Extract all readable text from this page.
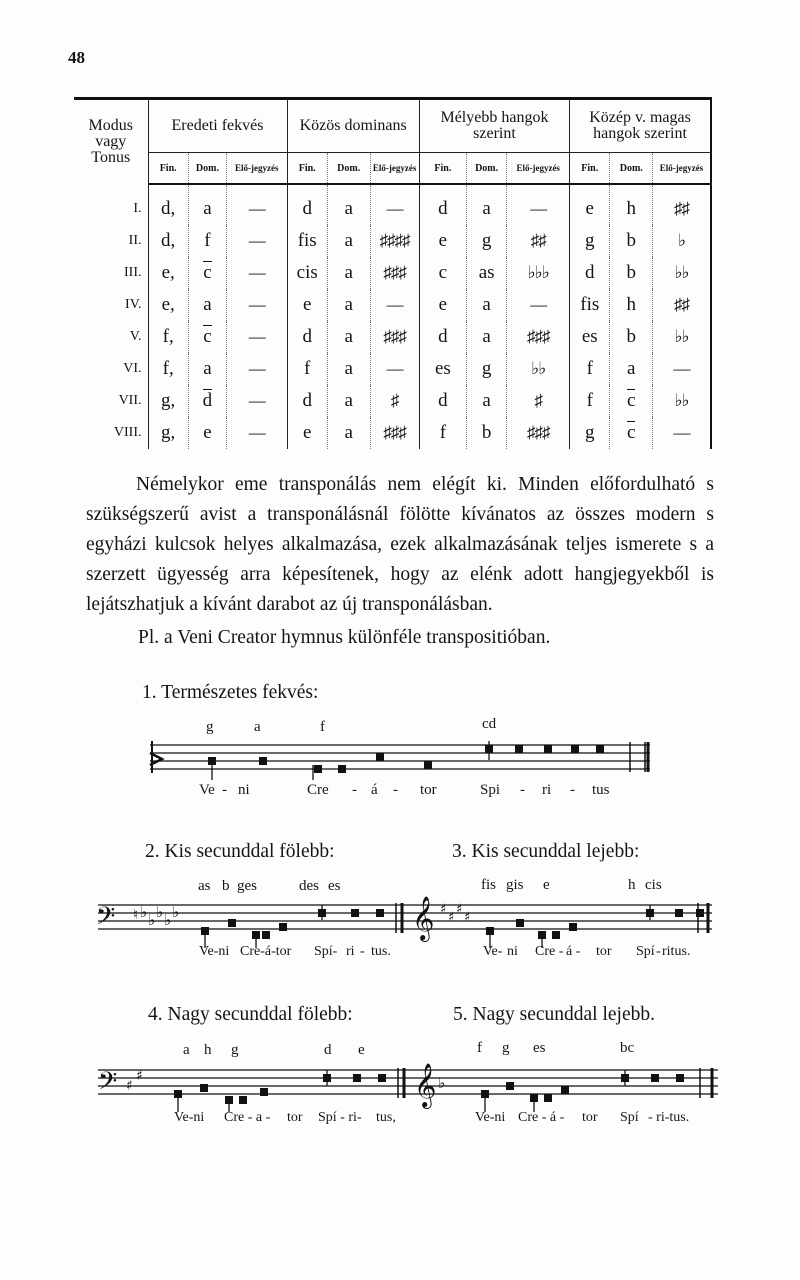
48
Modus
vagy
Tonus	Eredeti fekvés			Közös dominans			Mélyebb hangok szerint			Közép v. magas hangok szerint		
	Fin.	Dom.	Elő-jegyzés	Fin.	Dom.	Elő-jegyzés	Fin.	Dom.	Elő-jegyzés	Fin.	Dom.	Elő-jegyzés
I.	d,	a	—	d	a	—	d	a	—	e	h	♯♯
II.	d,	f	—	fis	a	♯♯♯♯	e	g	♯♯	g	b	♭
III.	e,	c	—	cis	a	♯♯♯	c	as	♭♭♭	d	b	♭♭
IV.	e,	a	—	e	a	—	e	a	—	fis	h	♯♯
V.	f,	c	—	d	a	♯♯♯	d	a	♯♯♯	es	b	♭♭
VI.	f,	a	—	f	a	—	es	g	♭♭	f	a	—
VII.	g,	d	—	d	a	♯	d	a	♯	f	c	♭♭
VIII.	g,	e	—	e	a	♯♯♯	f	b	♯♯♯	g	c	—
Némelykor eme transponálás nem elégít ki. Minden előfordulható s szükségszerű avist a transponálásnál fölötte kívánatos az összes modern s egyházi kulcsok helyes alkalmazása, ezek alkalmazásának teljes ismerete s a szerzett ügyesség arra képesítenek, hogy az elénk adott hangjegyekből is lejátszhatjuk a kívánt darabot az új transponálásban.
Pl. a Veni Creator hymnus különféle transpositióban.
1. Természetes fekvés:
2. Kis secunddal fölebb:	3. Kis secunddal lejebb:
4. Nagy secunddal fölebb:	5. Nagy secunddal lejebb.
g	a	f	cd
as b ges	des es	fis gis e	h cis
a h g	d e	f g es	bc
Ve - ni	Cre - á - tor	Spi - ri - tus
Ve-ni Cre-á-tor Spí- ri - tus.	Ve- ni Cre - á - tor Spí - ritus.
Ve-ni Cre - a - tor Spí - ri- tus,	Ve-ni Cre - á - tor Spí - ri-tus.
𝄢 ♮ ♭ ♭ ♭ ♭ ♭	𝄞 ♯
♯
♯
♯
𝄢 ♯
♯	𝄞 ♭
